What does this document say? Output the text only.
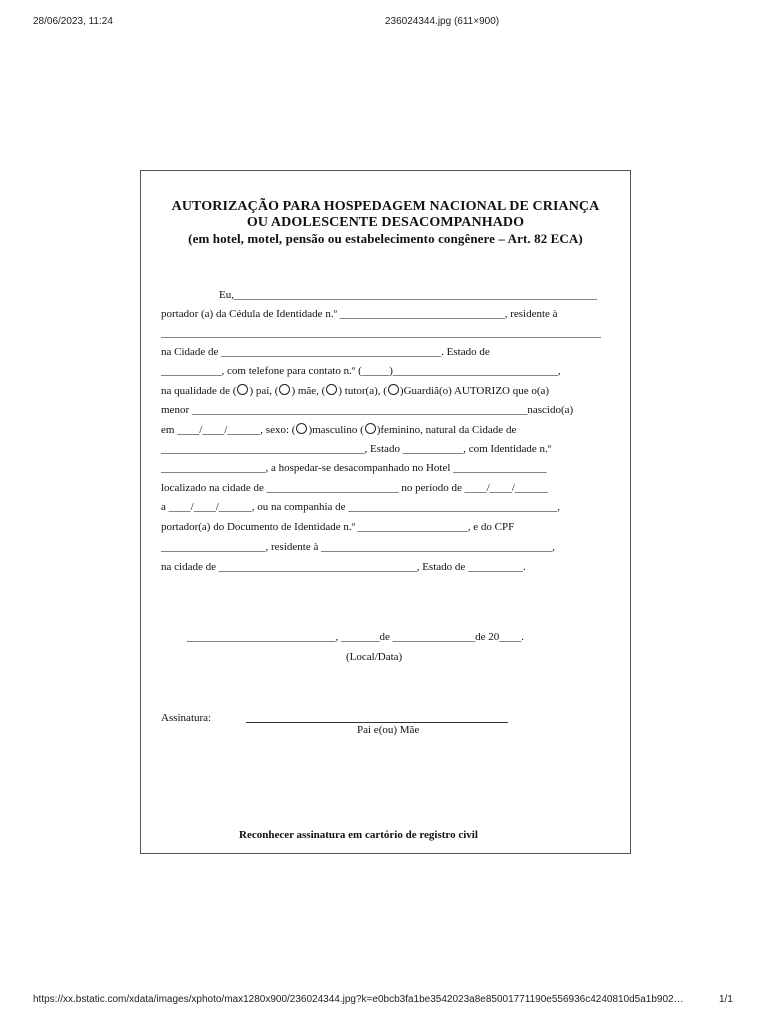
28/06/2023, 11:24	236024344.jpg (611×900)
AUTORIZAÇÃO PARA HOSPEDAGEM NACIONAL DE CRIANÇA
OU ADOLESCENTE DESACOMPANHADO
(em hotel, motel, pensão ou estabelecimento congênere – Art. 82 ECA)
Eu,__________________________________________________________________
portador (a) da Cédula de Identidade n.º ______________________________, residente à
________________________________________________________________________________
na Cidade de ________________________________________. Estado de
___________, com telefone para contato n.º (_____)______________________________,
na qualidade de ( ) pai, ( ) mãe, ( ) tutor(a), ( )Guardiã(o) AUTORIZO que o(a)
menor _____________________________________________________________nascido(a)
em ____/____/______, sexo: ( )masculino ( )feminino, natural da Cidade de
_____________________________________, Estado ___________, com Identidade n.º
___________________, a hospedar-se desacompanhado no Hotel _________________
localizado na cidade de ________________________ no período de ____/____/______
a ____/____/______, ou na companhia de ______________________________________,
portador(a) do Documento de Identidade n.º ____________________, e do CPF
___________________, residente à __________________________________________,
na cidade de ____________________________________, Estado de __________.
___________________________, _______de _______________de 20____.
(Local/Data)
Assinatura:
Pai e(ou) Mãe
Reconhecer assinatura em cartório de registro civil
https://xx.bstatic.com/xdata/images/xphoto/max1280x900/236024344.jpg?k=e0bcb3fa1be3542023a8e85001771190e556936c4240810d5a1b902…	1/1
